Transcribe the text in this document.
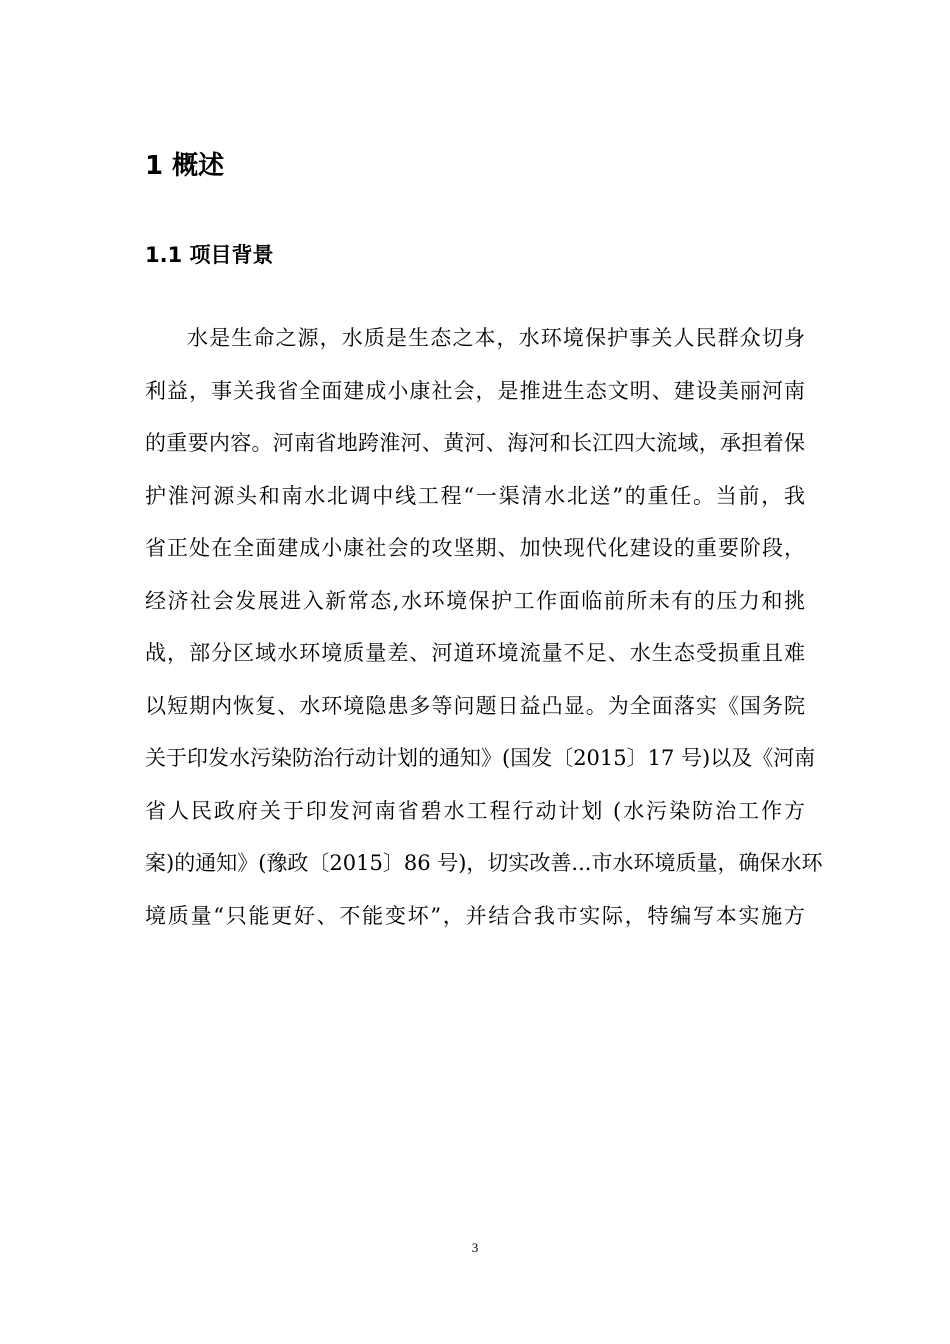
1 概述
1.1 项目背景
水是生命之源，水质是生态之本，水环境保护事关人民群众切身
利益，事关我省全面建成小康社会，是推进生态文明、建设美丽河南
的重要内容。河南省地跨淮河、黄河、海河和长江四大流域，承担着保
护淮河源头和南水北调中线工程“一渠清水北送”的重任。当前，我
省正处在全面建成小康社会的攻坚期、加快现代化建设的重要阶段，
经济社会发展进入新常态,水环境保护工作面临前所未有的压力和挑
战，部分区域水环境质量差、河道环境流量不足、水生态受损重且难
以短期内恢复、水环境隐患多等问题日益凸显。为全面落实《国务院
关于印发水污染防治行动计划的通知》(国发〔2015〕17 号)以及《河南
省人民政府关于印发河南省碧水工程行动计划 (水污染防治工作方
案)的通知》(豫政〔2015〕86 号)，切实改善...市水环境质量，确保水环
境质量“只能更好、不能变坏”，并结合我市实际，特编写本实施方
3
